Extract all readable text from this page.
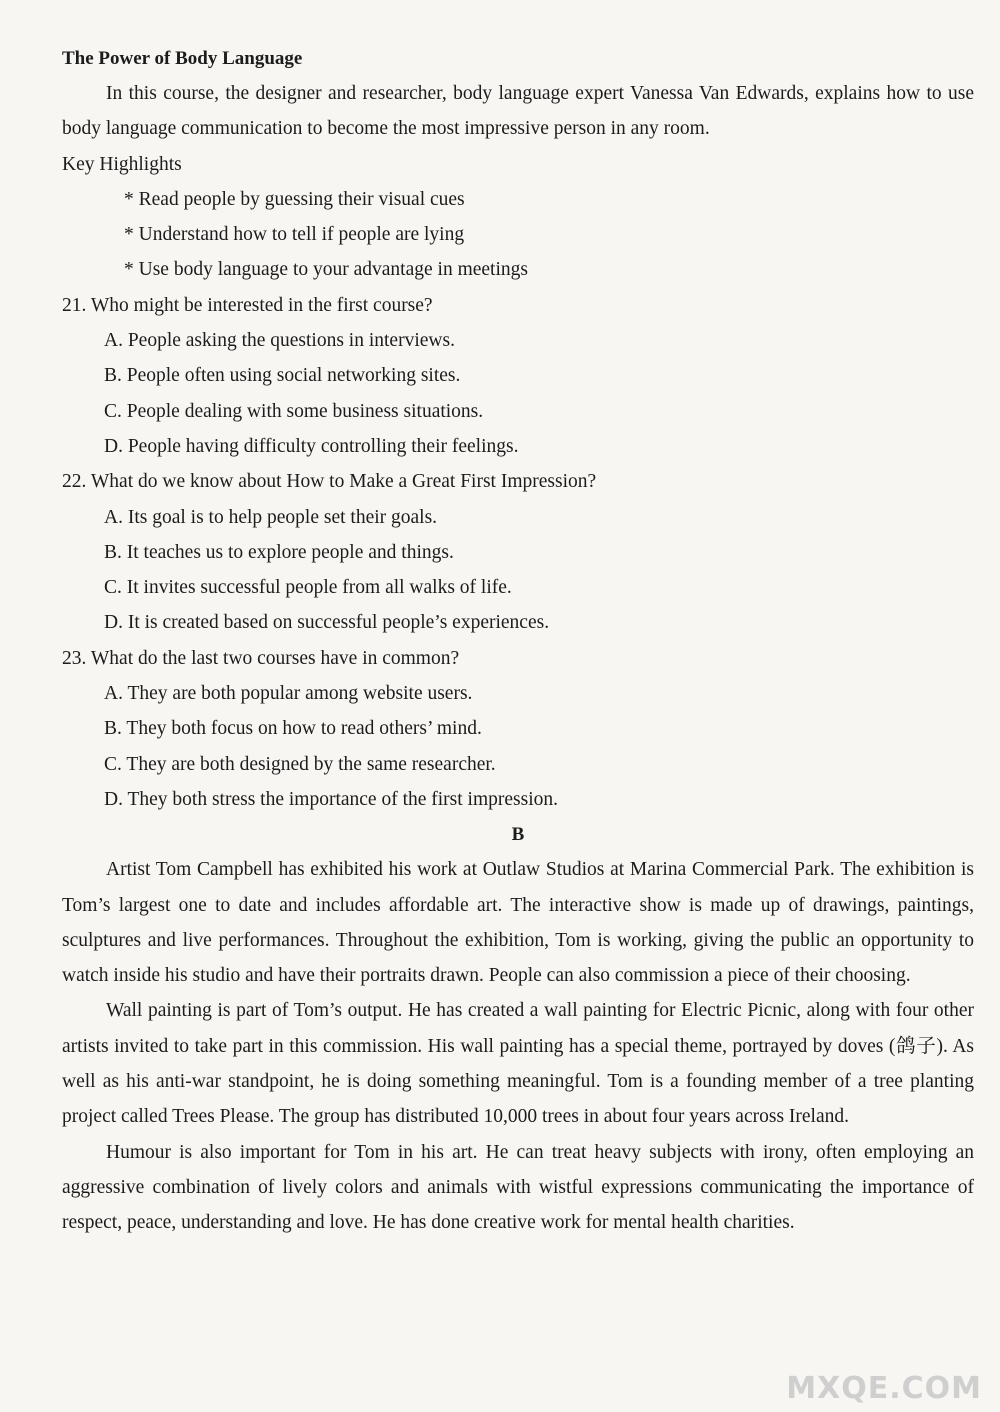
The Power of Body Language

In this course, the designer and researcher, body language expert Vanessa Van Edwards, explains how to use body language communication to become the most impressive person in any room.

Key Highlights

* Read people by guessing their visual cues

* Understand how to tell if people are lying

* Use body language to your advantage in meetings

21. Who might be interested in the first course?

A. People asking the questions in interviews.

B. People often using social networking sites.

C. People dealing with some business situations.

D. People having difficulty controlling their feelings.

22. What do we know about How to Make a Great First Impression?

A. Its goal is to help people set their goals.

B. It teaches us to explore people and things.

C. It invites successful people from all walks of life.

D. It is created based on successful people’s experiences.

23. What do the last two courses have in common?

A. They are both popular among website users.

B. They both focus on how to read others’ mind.

C. They are both designed by the same researcher.

D. They both stress the importance of the first impression.

B

Artist Tom Campbell has exhibited his work at Outlaw Studios at Marina Commercial Park. The exhibition is Tom’s largest one to date and includes affordable art. The interactive show is made up of drawings, paintings, sculptures and live performances. Throughout the exhibition, Tom is working, giving the public an opportunity to watch inside his studio and have their portraits drawn. People can also commission a piece of their choosing.

Wall painting is part of Tom’s output. He has created a wall painting for Electric Picnic, along with four other artists invited to take part in this commission. His wall painting has a special theme, portrayed by doves (鸽子). As well as his anti-war standpoint, he is doing something meaningful. Tom is a founding member of a tree planting project called Trees Please. The group has distributed 10,000 trees in about four years across Ireland.

Humour is also important for Tom in his art. He can treat heavy subjects with irony, often employing an aggressive combination of lively colors and animals with wistful expressions communicating the importance of respect, peace, understanding and love. He has done creative work for mental health charities.

MXQE.COM
